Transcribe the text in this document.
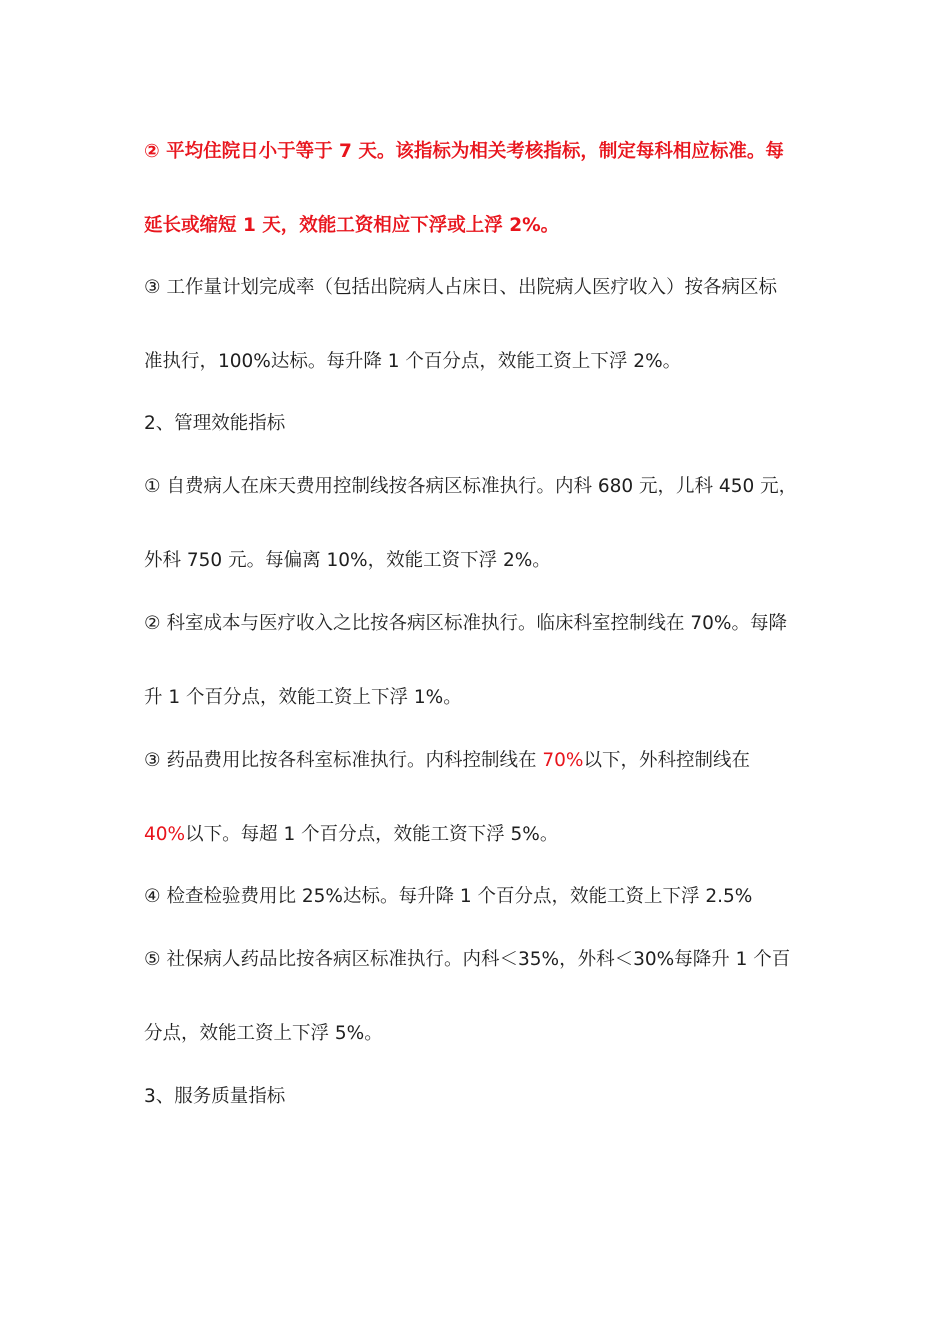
② 平均住院日小于等于 7 天。该指标为相关考核指标，制定每科相应标准。每
延长或缩短 1 天，效能工资相应下浮或上浮 2%。
③ 工作量计划完成率（包括出院病人占床日、出院病人医疗收入）按各病区标
准执行，100%达标。每升降 1 个百分点，效能工资上下浮 2%。
2、管理效能指标
① 自费病人在床天费用控制线按各病区标准执行。内科 680 元，儿科 450 元，
外科 750 元。每偏离 10%，效能工资下浮 2%。
② 科室成本与医疗收入之比按各病区标准执行。临床科室控制线在 70%。每降
升 1 个百分点，效能工资上下浮 1%。
③ 药品费用比按各科室标准执行。内科控制线在 70%以下，外科控制线在
40%以下。每超 1 个百分点，效能工资下浮 5%。
④ 检查检验费用比 25%达标。每升降 1 个百分点，效能工资上下浮 2.5%
⑤ 社保病人药品比按各病区标准执行。内科＜35%，外科＜30%每降升 1 个百
分点，效能工资上下浮 5%。
3、服务质量指标
